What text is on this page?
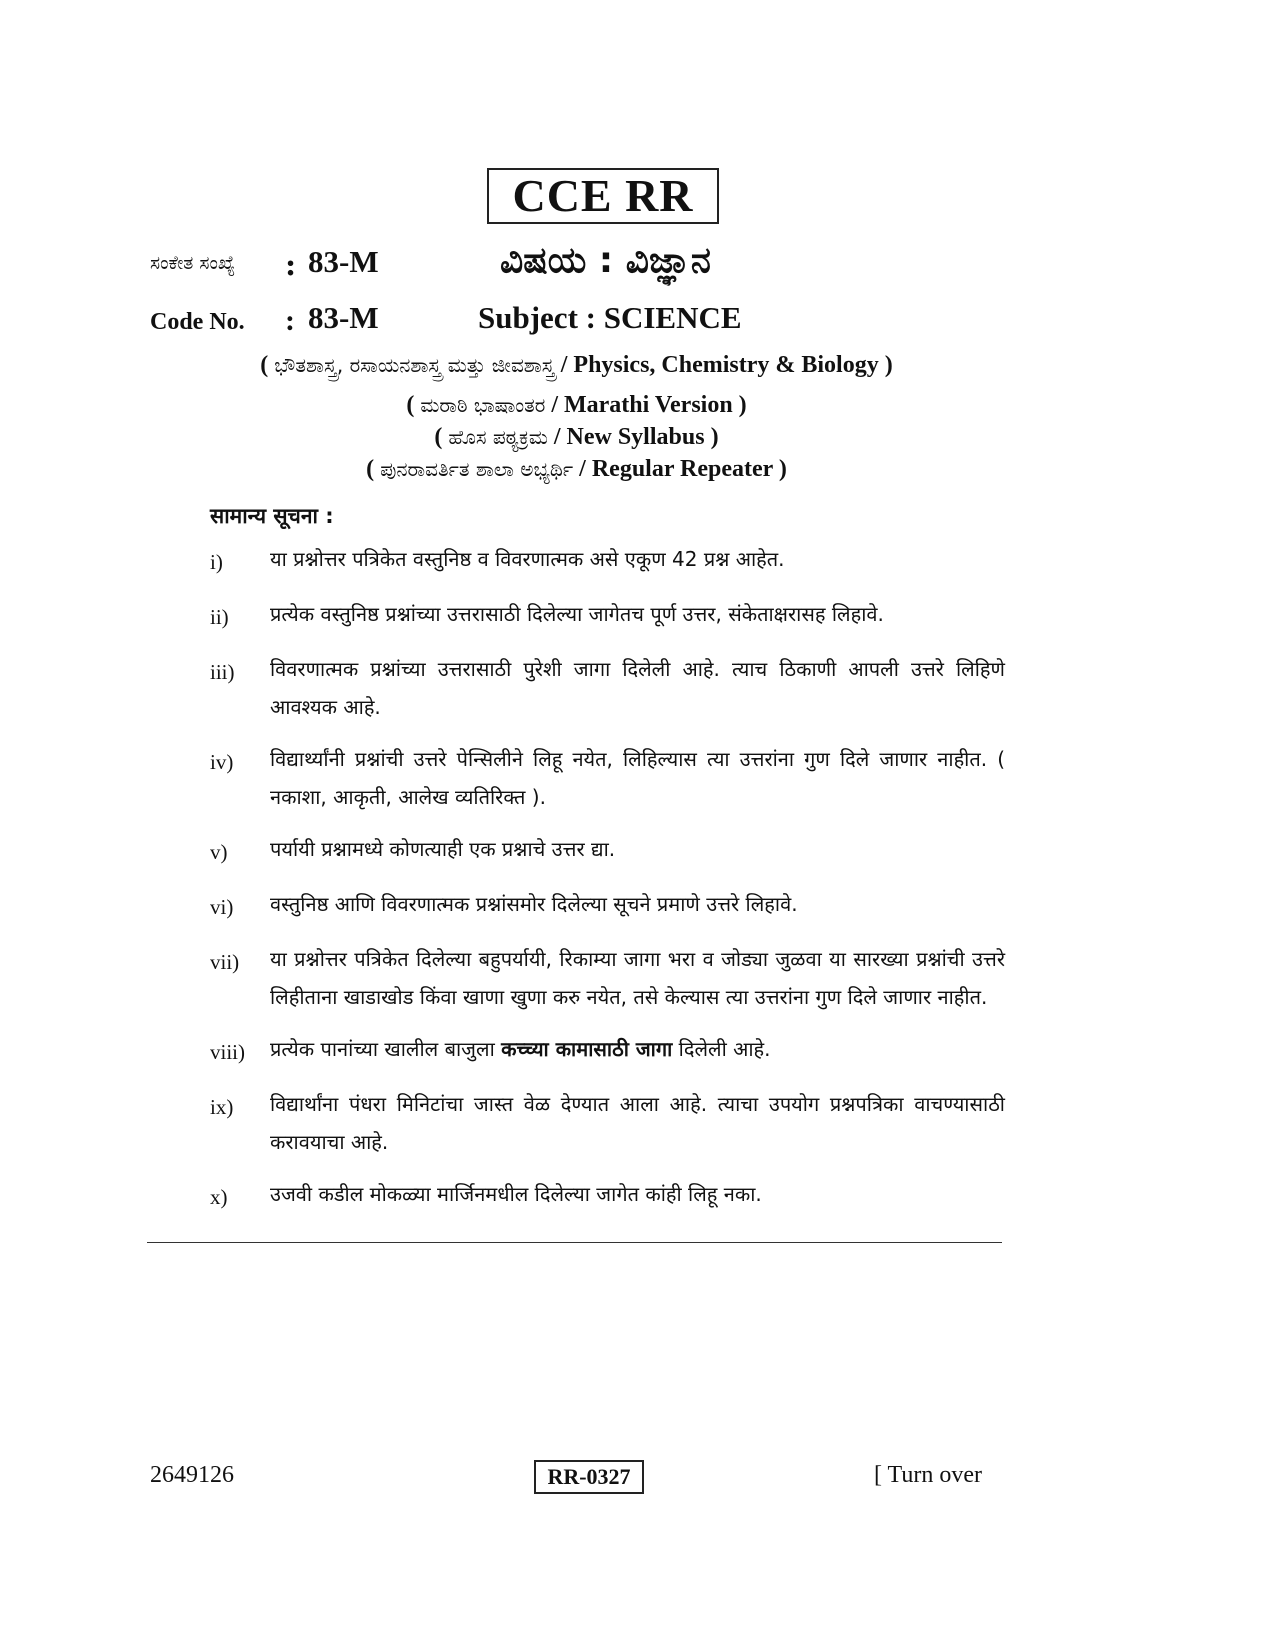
CCE RR
ಸಂಕೇತ ಸಂಖ್ಯೆ : 83-M	ವಿಷಯ : ವಿಜ್ಞಾನ
Code No. : 83-M	Subject : SCIENCE
( ಭೌತಶಾಸ್ತ್ರ, ರಸಾಯನಶಾಸ್ತ್ರ ಮತ್ತು ಜೀವಶಾಸ್ತ್ರ / Physics, Chemistry & Biology )
( ಮರಾಠಿ ಭಾಷಾಂತರ / Marathi Version )
( ಹೊಸ ಪಠ್ಯಕ್ರಮ / New Syllabus )
( ಪುನರಾವರ್ತಿತ ಶಾಲಾ ಅಭ್ಯರ್ಥಿ / Regular Repeater )
सामान्य सूचना :
i)	या प्रश्नोत्तर पत्रिकेत वस्तुनिष्ठ व विवरणात्मक असे एकूण 42 प्रश्न आहेत.
ii)	प्रत्येक वस्तुनिष्ठ प्रश्नांच्या उत्तरासाठी दिलेल्या जागेतच पूर्ण उत्तर, संकेताक्षरासह लिहावे.
iii)	विवरणात्मक प्रश्नांच्या उत्तरासाठी पुरेशी जागा दिलेली आहे. त्याच ठिकाणी आपली उत्तरे लिहिणे आवश्यक आहे.
iv)	विद्यार्थ्यांनी प्रश्नांची उत्तरे पेन्सिलीने लिहू नयेत, लिहिल्यास त्या उत्तरांना गुण दिले जाणार नाहीत. ( नकाशा, आकृती, आलेख व्यतिरिक्त ).
v)	पर्यायी प्रश्नामध्ये कोणत्याही एक प्रश्नाचे उत्तर द्या.
vi)	वस्तुनिष्ठ आणि विवरणात्मक प्रश्नांसमोर दिलेल्या सूचने प्रमाणे उत्तरे लिहावे.
vii)	या प्रश्नोत्तर पत्रिकेत दिलेल्या बहुपर्यायी, रिकाम्या जागा भरा व जोड्या जुळवा या सारख्या प्रश्नांची उत्तरे लिहीताना खाडाखोड किंवा खाणा खुणा करु नयेत, तसे केल्यास त्या उत्तरांना गुण दिले जाणार नाहीत.
viii)	प्रत्येक पानांच्या खालील बाजुला कच्च्या कामासाठी जागा दिलेली आहे.
ix)	विद्यार्थांना पंधरा मिनिटांचा जास्त वेळ देण्यात आला आहे. त्याचा उपयोग प्रश्नपत्रिका वाचण्यासाठी करावयाचा आहे.
x)	उजवी कडील मोकळ्या मार्जिनमधील दिलेल्या जागेत कांही लिहू नका.
2649126	RR-0327	[ Turn over
